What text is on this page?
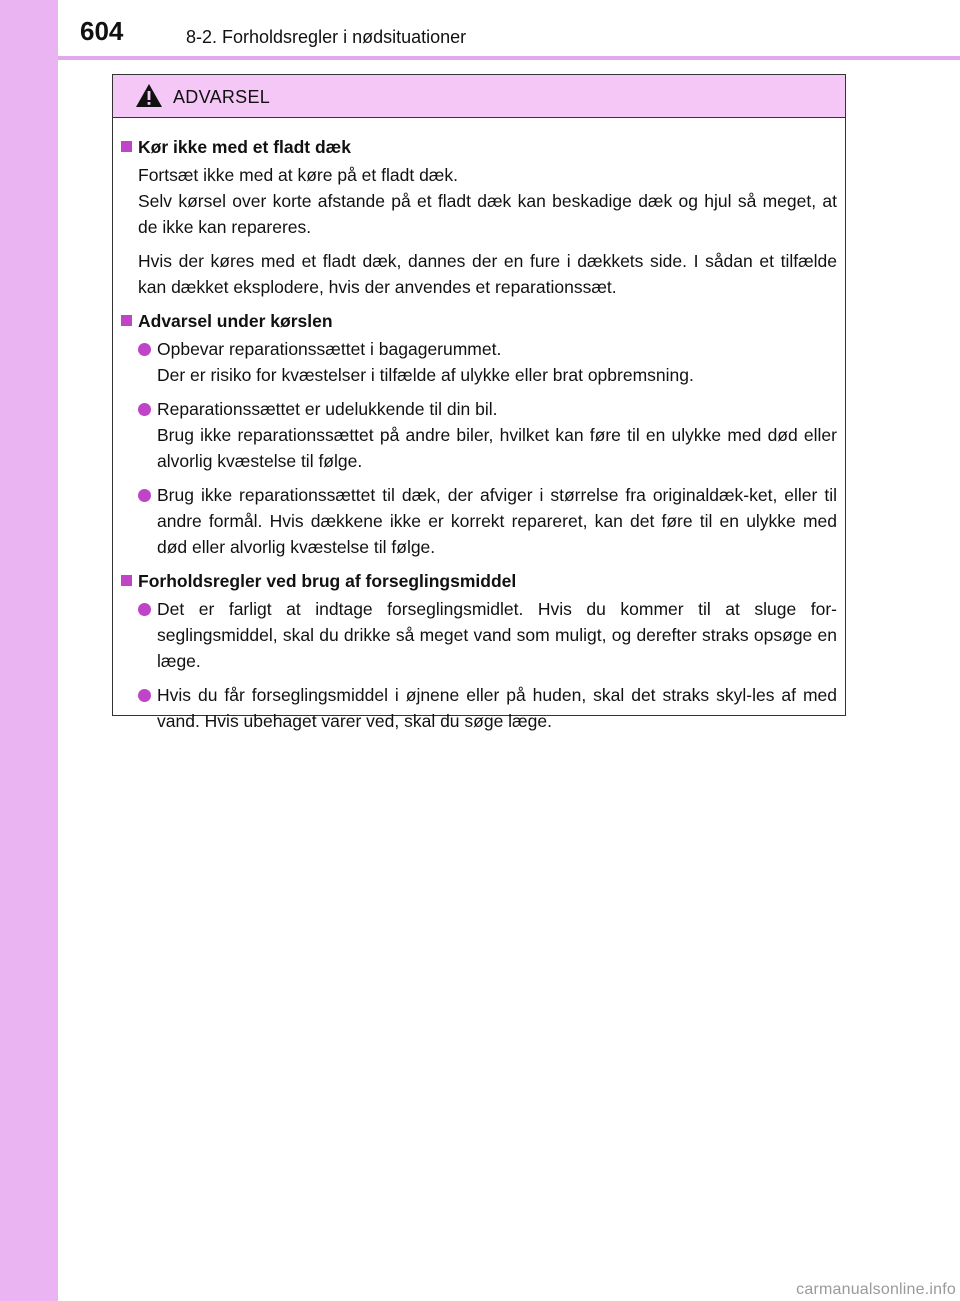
604	8-2. Forholdsregler i nødsituationer
ADVARSEL
Kør ikke med et fladt dæk
Fortsæt ikke med at køre på et fladt dæk.
Selv kørsel over korte afstande på et fladt dæk kan beskadige dæk og hjul så meget, at de ikke kan repareres.
Hvis der køres med et fladt dæk, dannes der en fure i dækkets side. I sådan et tilfælde kan dækket eksplodere, hvis der anvendes et reparationssæt.
Advarsel under kørslen
Opbevar reparationssættet i bagagerummet.
Der er risiko for kvæstelser i tilfælde af ulykke eller brat opbremsning.
Reparationssættet er udelukkende til din bil.
Brug ikke reparationssættet på andre biler, hvilket kan føre til en ulykke med død eller alvorlig kvæstelse til følge.
Brug ikke reparationssættet til dæk, der afviger i størrelse fra originaldæk-ket, eller til andre formål. Hvis dækkene ikke er korrekt repareret, kan det føre til en ulykke med død eller alvorlig kvæstelse til følge.
Forholdsregler ved brug af forseglingsmiddel
Det er farligt at indtage forseglingsmidlet. Hvis du kommer til at sluge for-seglingsmiddel, skal du drikke så meget vand som muligt, og derefter straks opsøge en læge.
Hvis du får forseglingsmiddel i øjnene eller på huden, skal det straks skyl-les af med vand. Hvis ubehaget varer ved, skal du søge læge.
carmanualsonline.info
